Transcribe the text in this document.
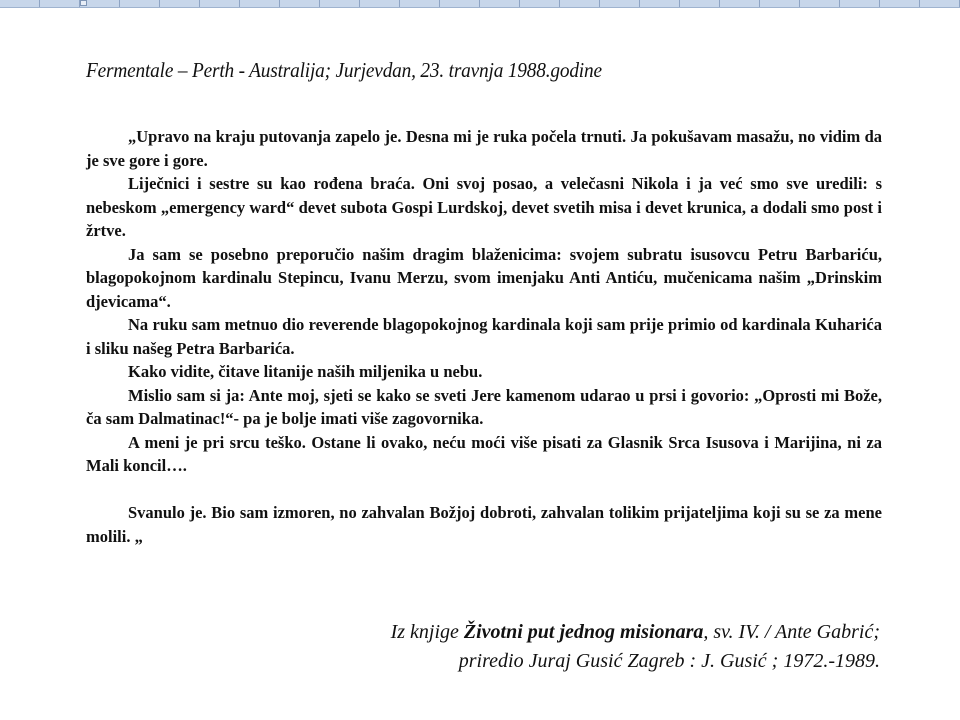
Fermentale – Perth - Australija; Jurjevdan, 23. travnja 1988.godine

„Upravo na kraju putovanja zapelo je. Desna mi je ruka počela trnuti. Ja pokušavam masažu, no vidim da je sve gore i gore.

Liječnici i sestre su kao rođena braća. Oni svoj posao, a velečasni Nikola i ja već smo sve uredili: s nebeskom „emergency ward“ devet subota Gospi Lurdskoj, devet svetih misa i devet krunica, a dodali smo post i žrtve.

Ja sam se posebno preporučio našim dragim blaženicima: svojem subratu isusovcu Petru Barbariću, blagopokojnom kardinalu Stepincu, Ivanu Merzu, svom imenjaku Anti Antiću, mučenicama našim „Drinskim djevicama“.

Na ruku sam metnuo dio reverende blagopokojnog kardinala koji sam prije primio od kardinala Kuharića i sliku našeg Petra Barbarića.

Kako vidite, čitave litanije naših miljenika u nebu.

Mislio sam si ja: Ante moj, sjeti se kako se sveti Jere kamenom udarao u prsi i govorio: „Oprosti mi Bože, ča sam Dalmatinac!“- pa je bolje imati više zagovornika.

A meni je pri srcu teško. Ostane li ovako, neću moći više pisati za Glasnik Srca Isusova i Marijina, ni za Mali koncil….

Svanulo je. Bio sam izmoren, no zahvalan Božjoj dobroti, zahvalan tolikim prijateljima koji su se za mene molili. „

Iz knjige Životni put jednog misionara, sv. IV. / Ante Gabrić;
priredio Juraj Gusić Zagreb : J. Gusić ; 1972.-1989.
